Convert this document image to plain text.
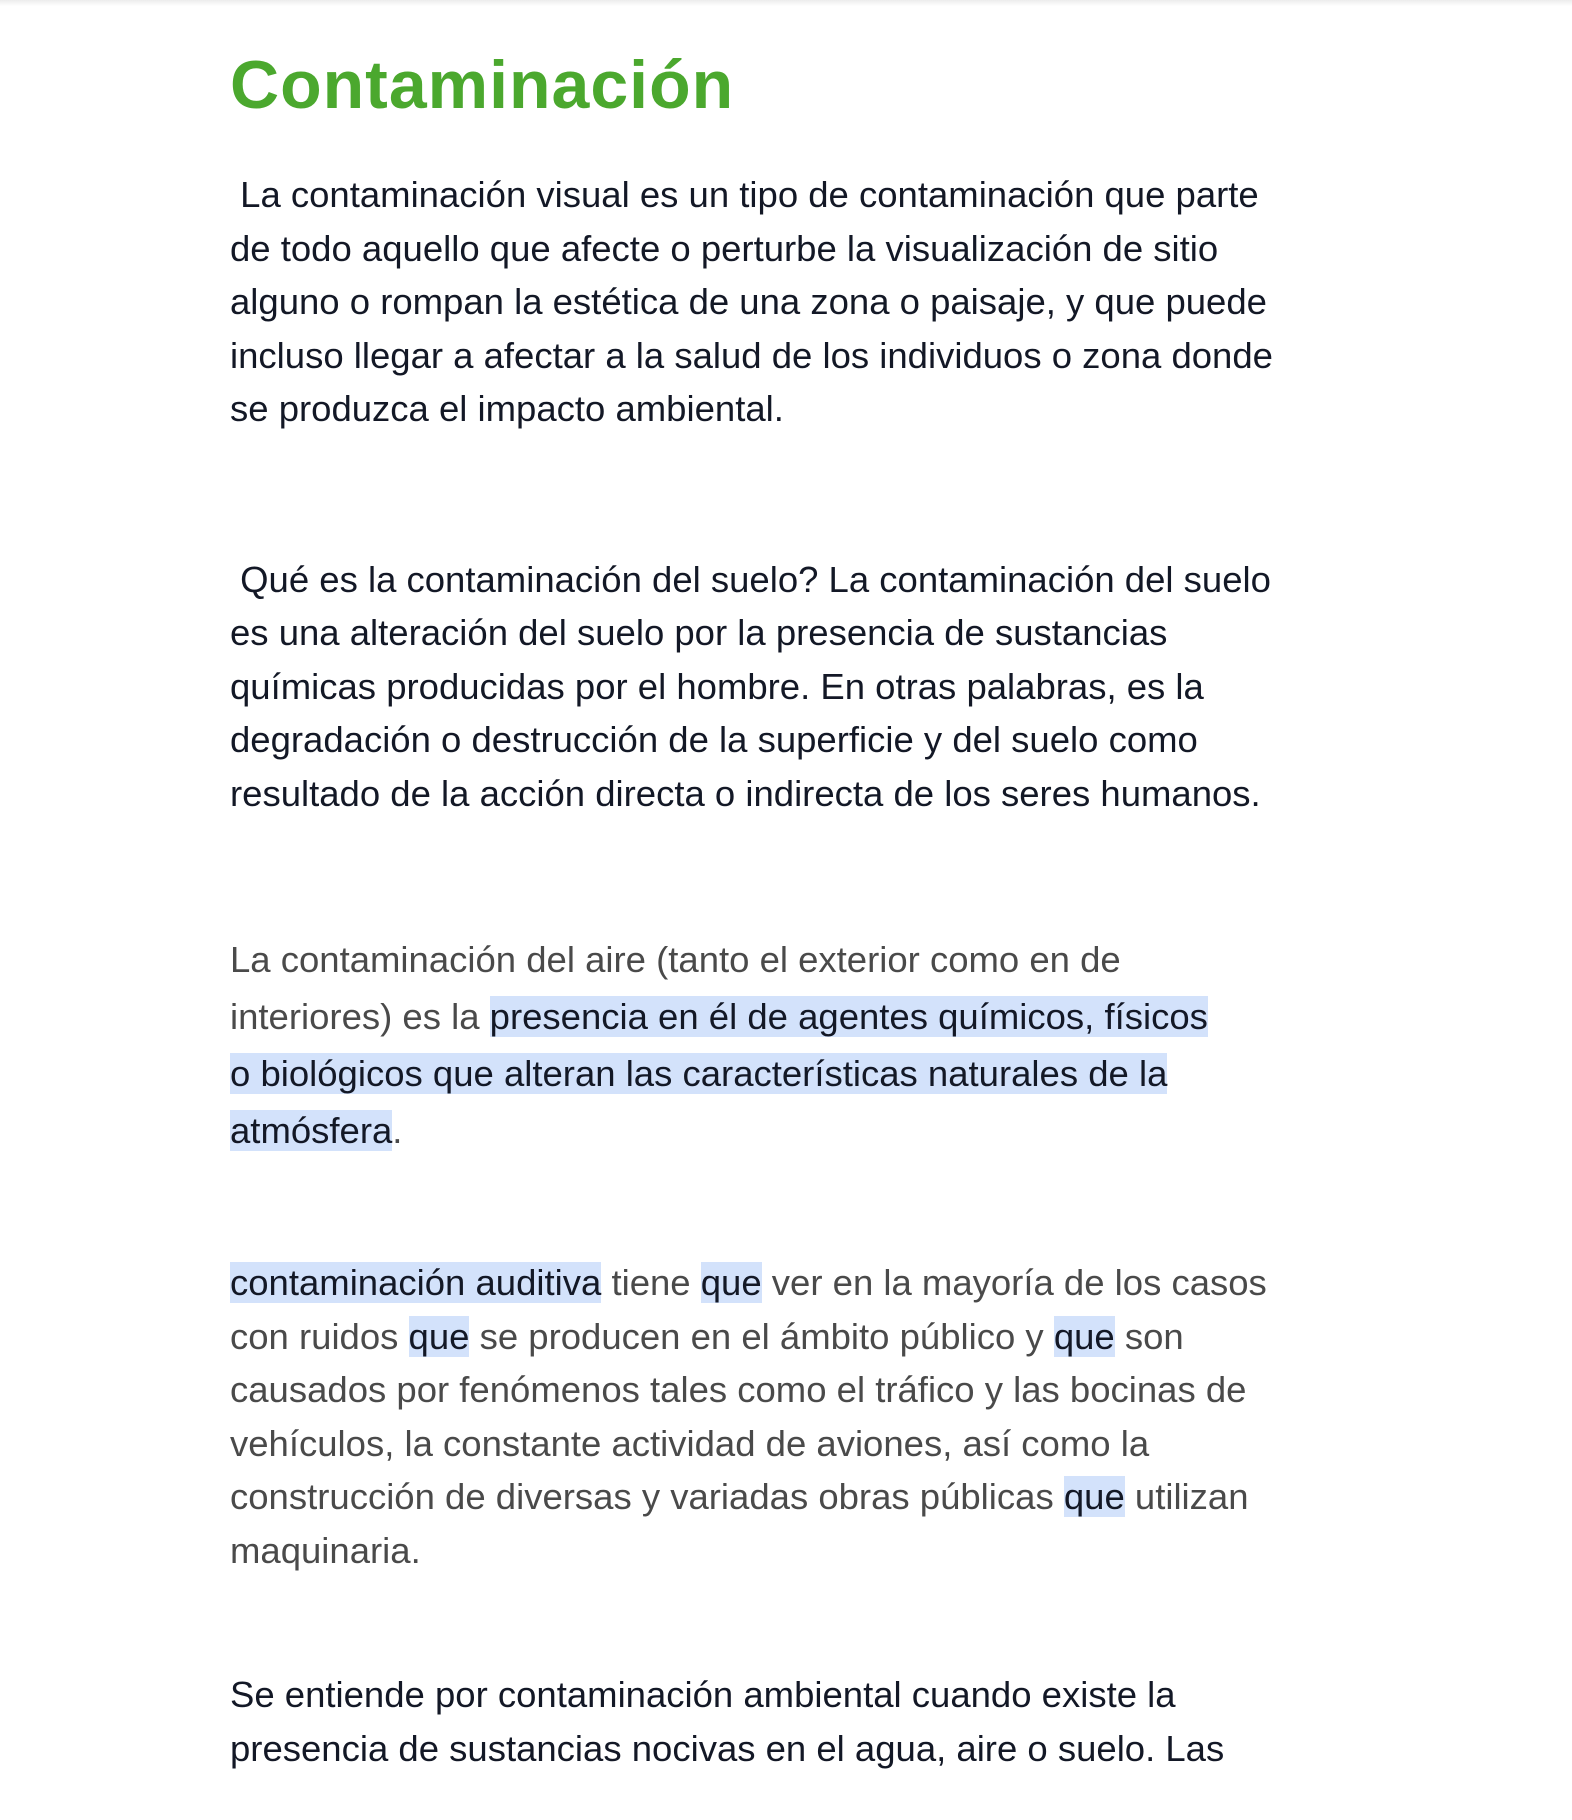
Contaminación

La contaminación visual es un tipo de contaminación que parte
de todo aquello que afecte o perturbe la visualización de sitio
alguno o rompan la estética de una zona o paisaje, y que puede
incluso llegar a afectar a la salud de los individuos o zona donde
se produzca el impacto ambiental.

Qué es la contaminación del suelo? La contaminación del suelo
es una alteración del suelo por la presencia de sustancias
químicas producidas por el hombre. En otras palabras, es la
degradación o destrucción de la superficie y del suelo como
resultado de la acción directa o indirecta de los seres humanos.

La contaminación del aire (tanto el exterior como en de
interiores) es la presencia en él de agentes químicos, físicos
o biológicos que alteran las características naturales de la
atmósfera.

contaminación auditiva tiene que ver en la mayoría de los casos
con ruidos que se producen en el ámbito público y que son
causados por fenómenos tales como el tráfico y las bocinas de
vehículos, la constante actividad de aviones, así como la
construcción de diversas y variadas obras públicas que utilizan
maquinaria.

Se entiende por contaminación ambiental cuando existe la
presencia de sustancias nocivas en el agua, aire o suelo. Las
